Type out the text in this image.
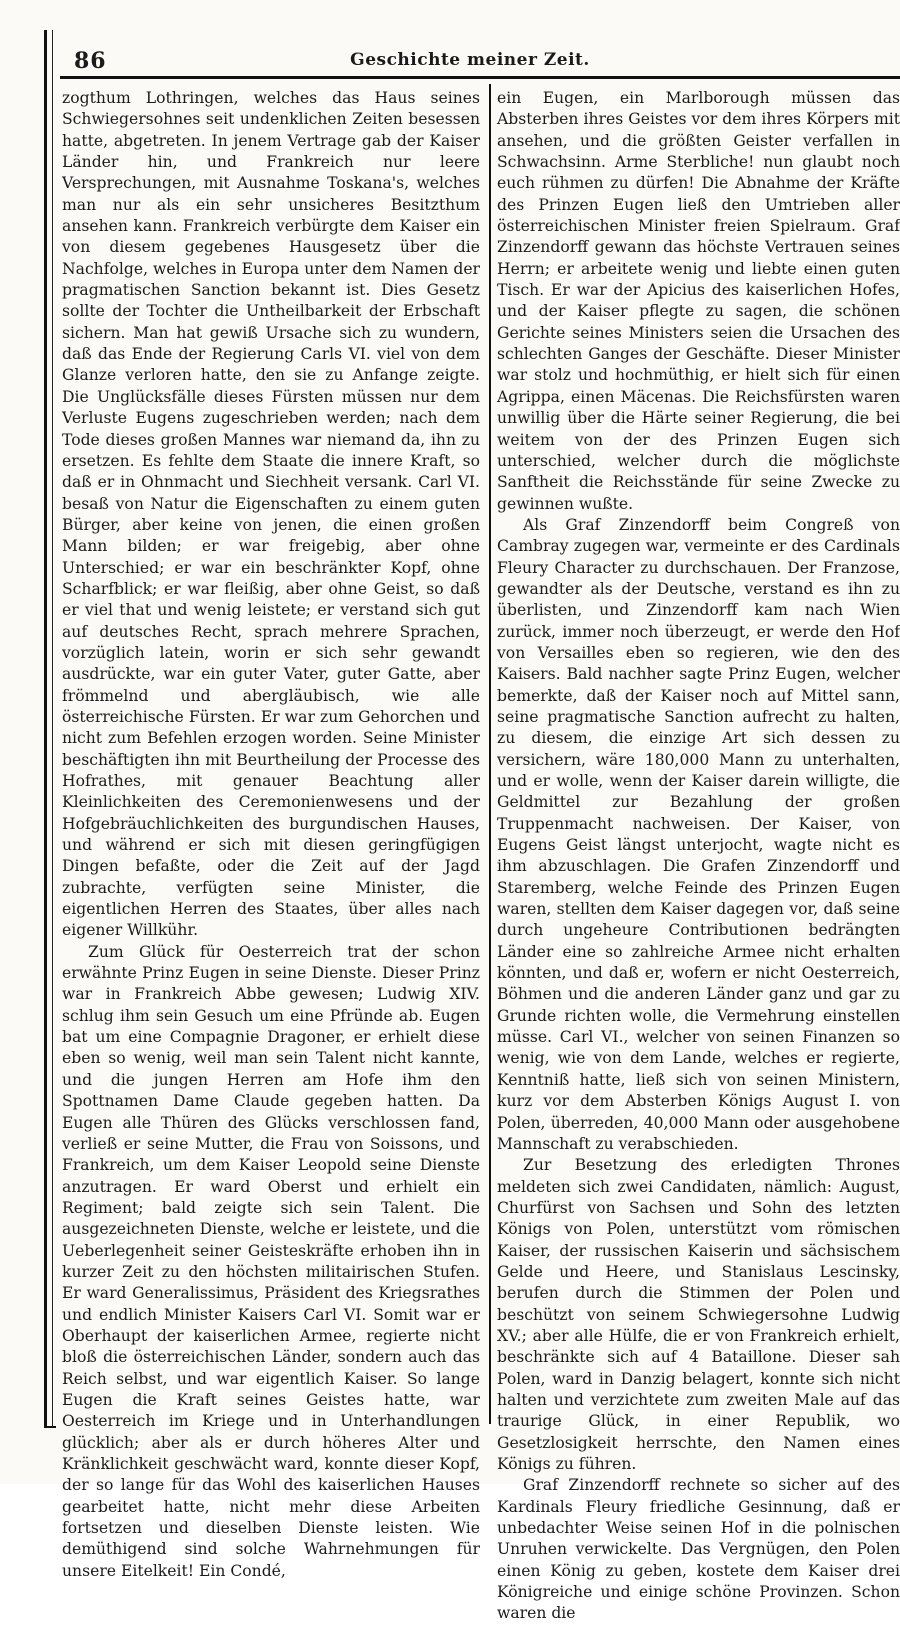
86	Geschichte meiner Zeit.

zogthum Lothringen, welches das Haus seines Schwiegersohnes seit undenklichen Zeiten besessen hatte, abgetreten. In jenem Vertrage gab der Kaiser Länder hin, und Frankreich nur leere Versprechungen, mit Ausnahme Toskana's, welches man nur als ein sehr unsicheres Besitzthum ansehen kann. Frankreich verbürgte dem Kaiser ein von diesem gegebenes Hausgesetz über die Nachfolge, welches in Europa unter dem Namen der pragmatischen Sanction bekannt ist. Dies Gesetz sollte der Tochter die Untheilbarkeit der Erbschaft sichern. Man hat gewiß Ursache sich zu wundern, daß das Ende der Regierung Carls VI. viel von dem Glanze verloren hatte, den sie zu Anfange zeigte. Die Unglücksfälle dieses Fürsten müssen nur dem Verluste Eugens zugeschrieben werden; nach dem Tode dieses großen Mannes war niemand da, ihn zu ersetzen. Es fehlte dem Staate die innere Kraft, so daß er in Ohnmacht und Siechheit versank. Carl VI. besaß von Natur die Eigenschaften zu einem guten Bürger, aber keine von jenen, die einen großen Mann bilden; er war freigebig, aber ohne Unterschied; er war ein beschränkter Kopf, ohne Scharfblick; er war fleißig, aber ohne Geist, so daß er viel that und wenig leistete; er verstand sich gut auf deutsches Recht, sprach mehrere Sprachen, vorzüglich latein, worin er sich sehr gewandt ausdrückte, war ein guter Vater, guter Gatte, aber frömmelnd und abergläubisch, wie alle österreichische Fürsten. Er war zum Gehorchen und nicht zum Befehlen erzogen worden. Seine Minister beschäftigten ihn mit Beurtheilung der Processe des Hofrathes, mit genauer Beachtung aller Kleinlichkeiten des Ceremonienwesens und der Hofgebräuchlichkeiten des burgundischen Hauses, und während er sich mit diesen geringfügigen Dingen befaßte, oder die Zeit auf der Jagd zubrachte, verfügten seine Minister, die eigentlichen Herren des Staates, über alles nach eigener Willkühr.

Zum Glück für Oesterreich trat der schon erwähnte Prinz Eugen in seine Dienste. Dieser Prinz war in Frankreich Abbe gewesen; Ludwig XIV. schlug ihm sein Gesuch um eine Pfründe ab. Eugen bat um eine Compagnie Dragoner, er erhielt diese eben so wenig, weil man sein Talent nicht kannte, und die jungen Herren am Hofe ihm den Spottnamen Dame Claude gegeben hatten. Da Eugen alle Thüren des Glücks verschlossen fand, verließ er seine Mutter, die Frau von Soissons, und Frankreich, um dem Kaiser Leopold seine Dienste anzutragen. Er ward Oberst und erhielt ein Regiment; bald zeigte sich sein Talent. Die ausgezeichneten Dienste, welche er leistete, und die Ueberlegenheit seiner Geisteskräfte erhoben ihn in kurzer Zeit zu den höchsten militairischen Stufen. Er ward Generalissimus, Präsident des Kriegsrathes und endlich Minister Kaisers Carl VI. Somit war er Oberhaupt der kaiserlichen Armee, regierte nicht bloß die österreichischen Länder, sondern auch das Reich selbst, und war eigentlich Kaiser. So lange Eugen die Kraft seines Geistes hatte, war Oesterreich im Kriege und in Unterhandlungen glücklich; aber als er durch höheres Alter und Kränklichkeit geschwächt ward, konnte dieser Kopf, der so lange für das Wohl des kaiserlichen Hauses gearbeitet hatte, nicht mehr diese Arbeiten fortsetzen und dieselben Dienste leisten. Wie demüthigend sind solche Wahrnehmungen für unsere Eitelkeit! Ein Condé,

ein Eugen, ein Marlborough müssen das Absterben ihres Geistes vor dem ihres Körpers mit ansehen, und die größten Geister verfallen in Schwachsinn. Arme Sterbliche! nun glaubt noch euch rühmen zu dürfen! Die Abnahme der Kräfte des Prinzen Eugen ließ den Umtrieben aller österreichischen Minister freien Spielraum. Graf Zinzendorff gewann das höchste Vertrauen seines Herrn; er arbeitete wenig und liebte einen guten Tisch. Er war der Apicius des kaiserlichen Hofes, und der Kaiser pflegte zu sagen, die schönen Gerichte seines Ministers seien die Ursachen des schlechten Ganges der Geschäfte. Dieser Minister war stolz und hochmüthig, er hielt sich für einen Agrippa, einen Mäcenas. Die Reichsfürsten waren unwillig über die Härte seiner Regierung, die bei weitem von der des Prinzen Eugen sich unterschied, welcher durch die möglichste Sanftheit die Reichsstände für seine Zwecke zu gewinnen wußte.

Als Graf Zinzendorff beim Congreß von Cambray zugegen war, vermeinte er des Cardinals Fleury Character zu durchschauen. Der Franzose, gewandter als der Deutsche, verstand es ihn zu überlisten, und Zinzendorff kam nach Wien zurück, immer noch überzeugt, er werde den Hof von Versailles eben so regieren, wie den des Kaisers. Bald nachher sagte Prinz Eugen, welcher bemerkte, daß der Kaiser noch auf Mittel sann, seine pragmatische Sanction aufrecht zu halten, zu diesem, die einzige Art sich dessen zu versichern, wäre 180,000 Mann zu unterhalten, und er wolle, wenn der Kaiser darein willigte, die Geldmittel zur Bezahlung der großen Truppenmacht nachweisen. Der Kaiser, von Eugens Geist längst unterjocht, wagte nicht es ihm abzuschlagen. Die Grafen Zinzendorff und Staremberg, welche Feinde des Prinzen Eugen waren, stellten dem Kaiser dagegen vor, daß seine durch ungeheure Contributionen bedrängten Länder eine so zahlreiche Armee nicht erhalten könnten, und daß er, wofern er nicht Oesterreich, Böhmen und die anderen Länder ganz und gar zu Grunde richten wolle, die Vermehrung einstellen müsse. Carl VI., welcher von seinen Finanzen so wenig, wie von dem Lande, welches er regierte, Kenntniß hatte, ließ sich von seinen Ministern, kurz vor dem Absterben Königs August I. von Polen, überreden, 40,000 Mann oder ausgehobene Mannschaft zu verabschieden.

Zur Besetzung des erledigten Thrones meldeten sich zwei Candidaten, nämlich: August, Churfürst von Sachsen und Sohn des letzten Königs von Polen, unterstützt vom römischen Kaiser, der russischen Kaiserin und sächsischem Gelde und Heere, und Stanislaus Lescinsky, berufen durch die Stimmen der Polen und beschützt von seinem Schwiegersohne Ludwig XV.; aber alle Hülfe, die er von Frankreich erhielt, beschränkte sich auf 4 Bataillone. Dieser sah Polen, ward in Danzig belagert, konnte sich nicht halten und verzichtete zum zweiten Male auf das traurige Glück, in einer Republik, wo Gesetzlosigkeit herrschte, den Namen eines Königs zu führen.

Graf Zinzendorff rechnete so sicher auf des Kardinals Fleury friedliche Gesinnung, daß er unbedachter Weise seinen Hof in die polnischen Unruhen verwickelte. Das Vergnügen, den Polen einen König zu geben, kostete dem Kaiser drei Königreiche und einige schöne Provinzen. Schon waren die
